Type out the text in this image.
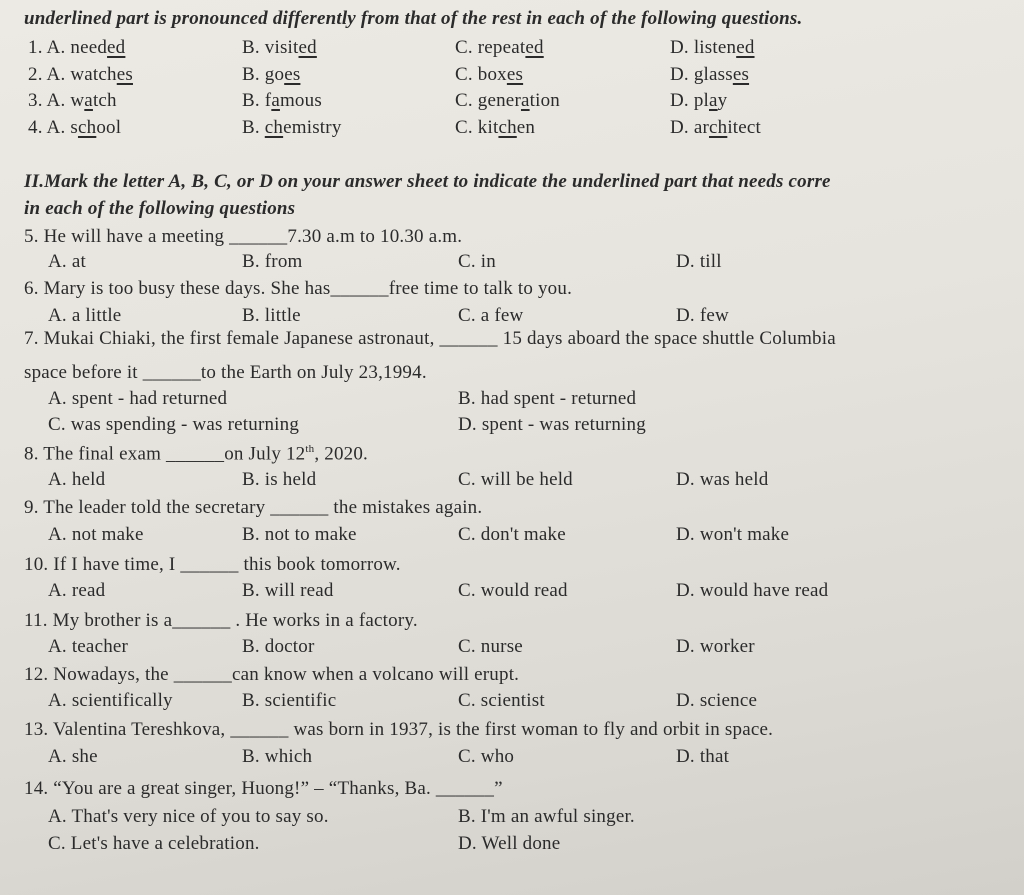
underlined part is pronounced differently from that of the rest in each of the following questions.
1. A. needed	B. visited	C. repeated	D. listened
2. A. watches	B. goes	C. boxes	D. glasses
3. A. watch	B. famous	C. generation	D. play
4. A. school	B. chemistry	C. kitchen	D. architect
II.Mark the letter A, B, C, or D on your answer sheet to indicate the underlined part that needs corre
in each of the following questions
5. He will have a meeting ______7.30 a.m to 10.30 a.m.
A. at	B. from	C. in	D. till
6. Mary is too busy these days. She has______free time to talk to you.
A. a little	B. little	C. a few	D. few
7. Mukai Chiaki, the first female Japanese astronaut, ______ 15 days aboard the space shuttle Columbia
space before it ______to the Earth on July 23,1994.
A. spent - had returned	B. had spent - returned
C. was spending - was returning	D. spent - was returning
8. The final exam ______on July 12th, 2020.
A. held	B. is held	C. will be held	D. was held
9. The leader told the secretary ______ the mistakes again.
A. not make	B. not to make	C. don't make	D. won't make
10. If I have time, I ______ this book tomorrow.
A. read	B. will read	C. would read	D. would have read
11. My brother is a______ . He works in a factory.
A. teacher	B. doctor	C. nurse	D. worker
12. Nowadays, the ______can know when a volcano will erupt.
A. scientifically	B. scientific	C. scientist	D. science
13. Valentina Tereshkova, ______ was born in 1937, is the first woman to fly and orbit in space.
A. she	B. which	C. who	D. that
14. “You are a great singer, Huong!” – “Thanks, Ba. ______”
A. That's very nice of you to say so.	B. I'm an awful singer.
C. Let's have a celebration.	D. Well done
